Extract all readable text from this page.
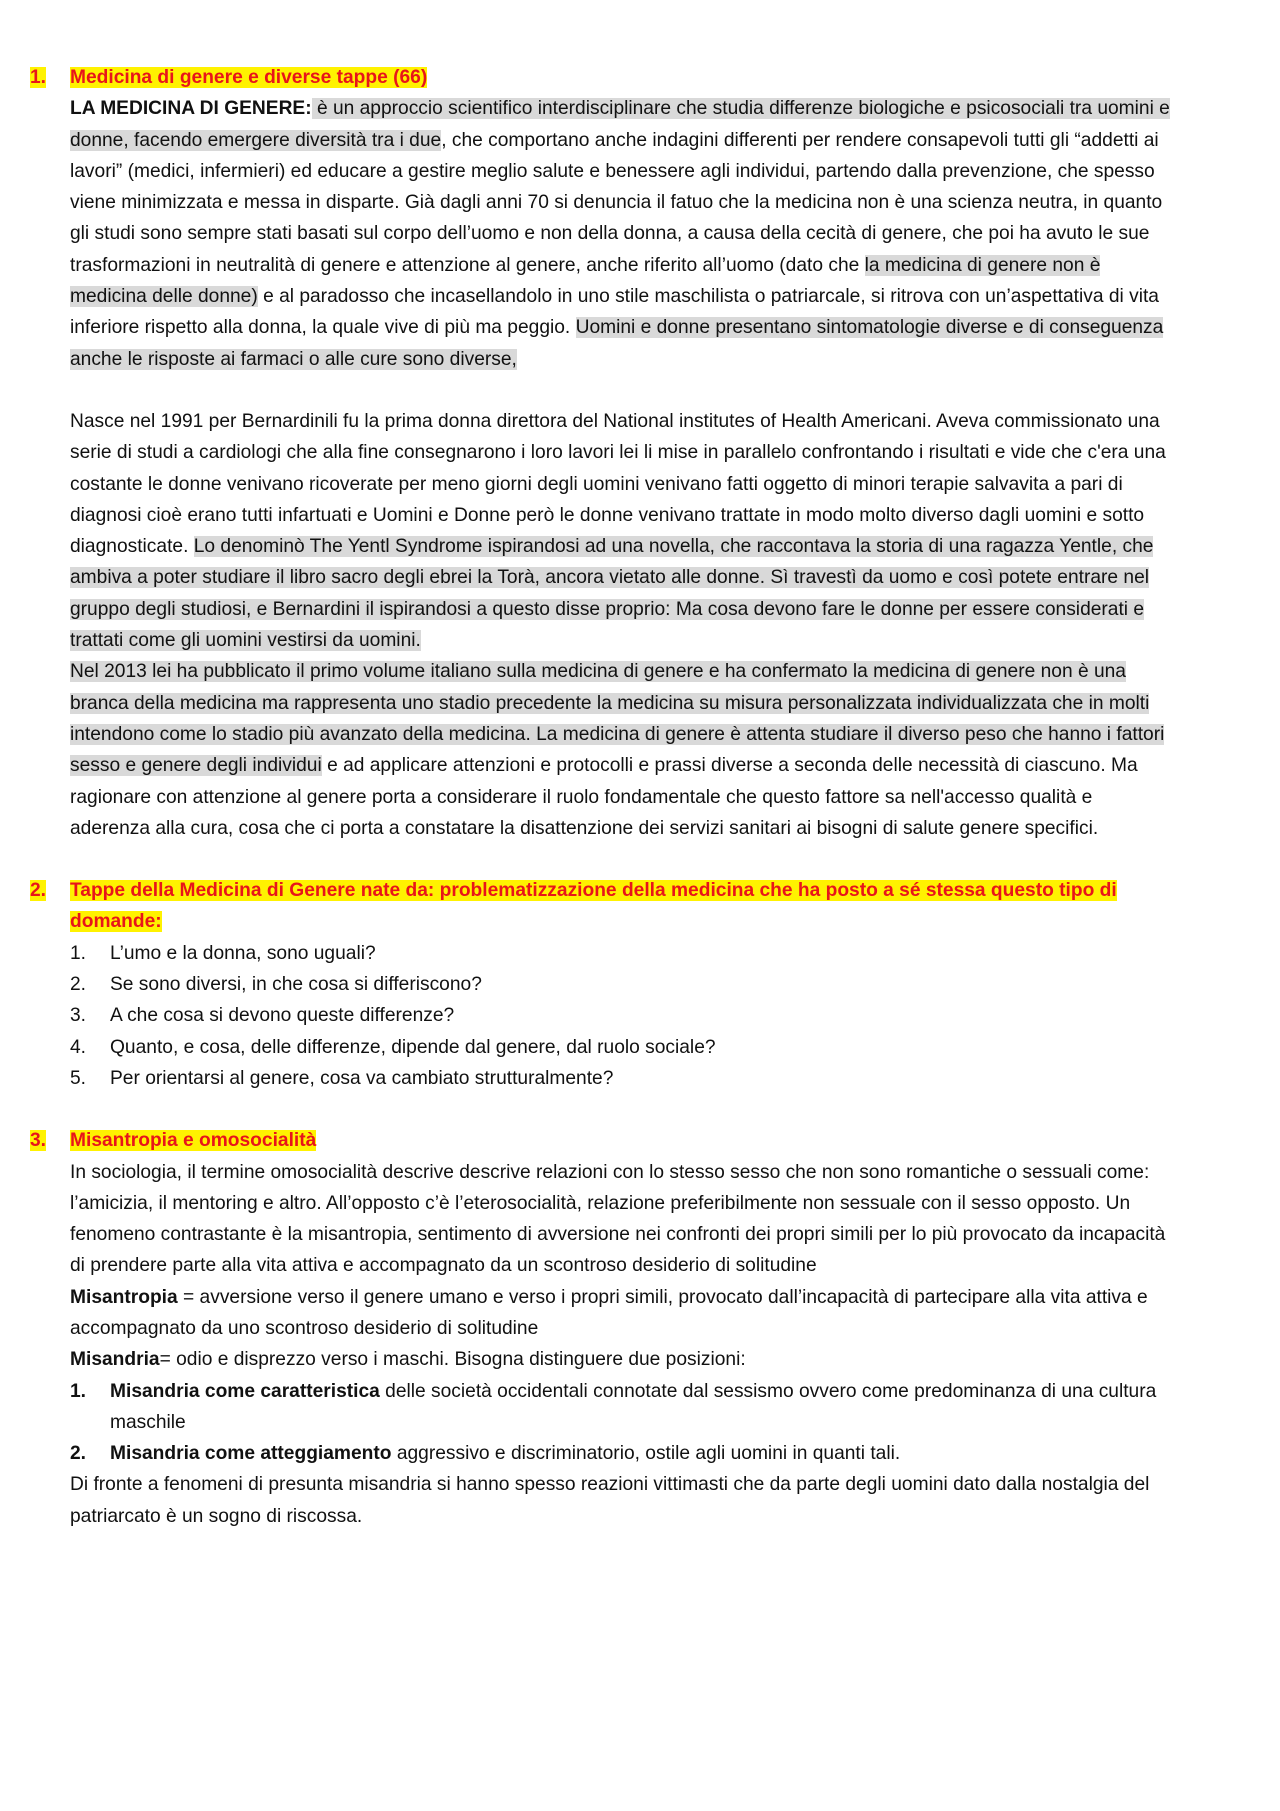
1.	Medicina di genere e diverse tappe (66)

LA MEDICINA DI GENERE: è un approccio scientifico interdisciplinare che studia differenze biologiche e psicosociali tra uomini e donne, facendo emergere diversità tra i due, che comportano anche indagini differenti per rendere consapevoli tutti gli “addetti ai lavori” (medici, infermieri) ed educare a gestire meglio salute e benessere agli individui, partendo dalla prevenzione, che spesso viene minimizzata e messa in disparte. Già dagli anni 70 si denuncia il fatuo che la medicina non è una scienza neutra, in quanto gli studi sono sempre stati basati sul corpo dell’uomo e non della donna, a causa della cecità di genere, che poi ha avuto le sue trasformazioni in neutralità di genere e attenzione al genere, anche riferito all’uomo (dato che la medicina di genere non è medicina delle donne) e al paradosso che incasellandolo in uno stile maschilista o patriarcale, si ritrova con un’aspettativa di vita inferiore rispetto alla donna, la quale vive di più ma peggio. Uomini e donne presentano sintomatologie diverse e di conseguenza anche le risposte ai farmaci o alle cure sono diverse,

Nasce nel 1991 per Bernardinili fu la prima donna direttora del National institutes of Health Americani. Aveva commissionato una serie di studi a cardiologi che alla fine consegnarono i loro lavori lei li mise in parallelo confrontando i risultati e vide che c'era una costante le donne venivano ricoverate per meno giorni degli uomini venivano fatti oggetto di minori terapie salvavita a pari di diagnosi cioè erano tutti infartuati e Uomini e Donne però le donne venivano trattate in modo molto diverso dagli uomini e sotto diagnosticate. Lo denominò The Yentl Syndrome ispirandosi ad una novella, che raccontava la storia di una ragazza Yentle, che ambiva a poter studiare il libro sacro degli ebrei la Torà, ancora vietato alle donne. Sì travestì da uomo e così potete entrare nel gruppo degli studiosi, e Bernardini il ispirandosi a questo disse proprio: Ma cosa devono fare le donne per essere considerati e trattati come gli uomini vestirsi da uomini.

Nel 2013 lei ha pubblicato il primo volume italiano sulla medicina di genere e ha confermato la medicina di genere non è una branca della medicina ma rappresenta uno stadio precedente la medicina su misura personalizzata individualizzata che in molti intendono come lo stadio più avanzato della medicina. La medicina di genere è attenta studiare il diverso peso che hanno i fattori sesso e genere degli individui e ad applicare attenzioni e protocolli e prassi diverse a seconda delle necessità di ciascuno. Ma ragionare con attenzione al genere porta a considerare il ruolo fondamentale che questo fattore sa nell'accesso qualità e aderenza alla cura, cosa che ci porta a constatare la disattenzione dei servizi sanitari ai bisogni di salute genere specifici.

2.	Tappe della Medicina di Genere nate da: problematizzazione della medicina che ha posto a sé stessa questo tipo di domande:
1.	L’umo e la donna, sono uguali?
2.	Se sono diversi, in che cosa si differiscono?
3.	A che cosa si devono queste differenze?
4.	Quanto, e cosa, delle differenze, dipende dal genere, dal ruolo sociale?
5.	Per orientarsi al genere, cosa va cambiato strutturalmente?
3.	Misantropia e omosocialità

In sociologia, il termine omosocialità descrive descrive relazioni con lo stesso sesso che non sono romantiche o sessuali come: l’amicizia, il mentoring e altro. All’opposto c’è l’eterosocialità, relazione preferibilmente non sessuale con il sesso opposto. Un fenomeno contrastante è la misantropia, sentimento di avversione nei confronti dei propri simili per lo più provocato da incapacità di prendere parte alla vita attiva e accompagnato da un scontroso desiderio di solitudine

Misantropia = avversione verso il genere umano e verso i propri simili, provocato dall’incapacità di partecipare alla vita attiva e accompagnato da uno scontroso desiderio di solitudine

Misandria= odio e disprezzo verso i maschi. Bisogna distinguere due posizioni:

1.	Misandria come caratteristica delle società occidentali connotate dal sessismo ovvero come predominanza di una cultura maschile
2.	Misandria come atteggiamento aggressivo e discriminatorio, ostile agli uomini in quanti tali.

Di fronte a fenomeni di presunta misandria si hanno spesso reazioni vittimasti che da parte degli uomini dato dalla nostalgia del patriarcato è un sogno di riscossa.
